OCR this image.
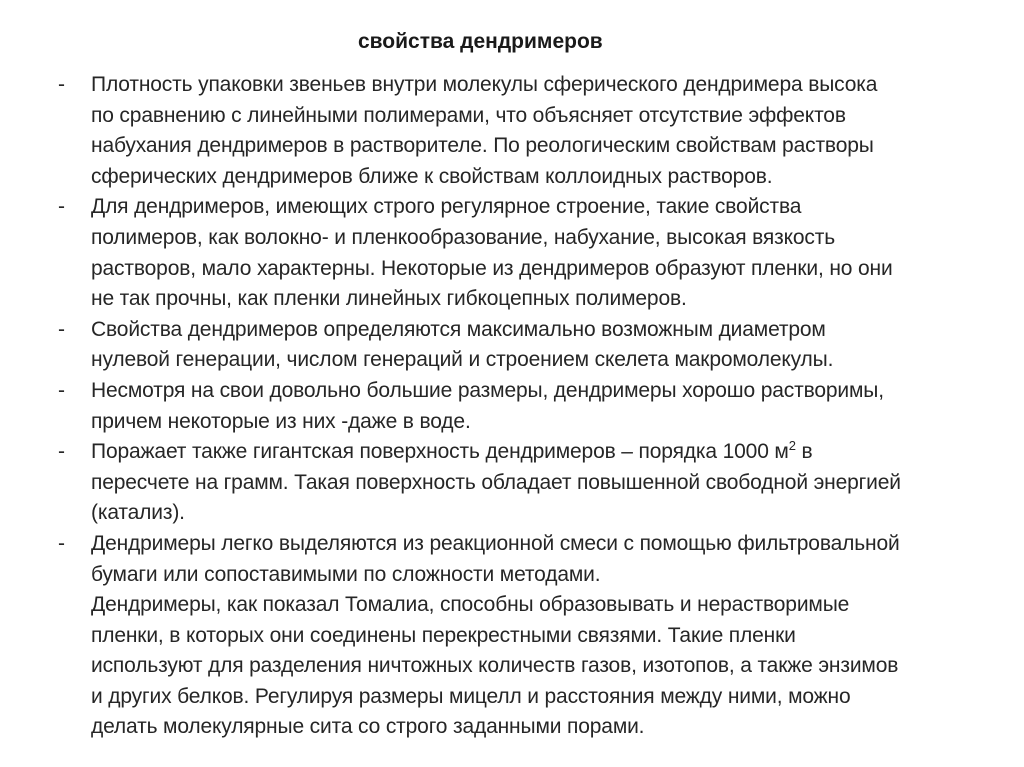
свойства дендримеров
- Плотность упаковки звеньев внутри молекулы сферического дендримера высока
по сравнению с линейными полимерами, что объясняет отсутствие эффектов
набухания дендримеров в растворителе. По реологическим свойствам растворы
сферических дендримеров ближе к свойствам коллоидных растворов.
- Для дендримеров, имеющих строго регулярное строение, такие свойства
полимеров, как волокно- и пленкообразование, набухание, высокая вязкость
растворов, мало характерны. Некоторые из дендримеров образуют пленки, но они
не так прочны, как пленки линейных гибкоцепных полимеров.
- Свойства дендримеров определяются максимально возможным диаметром
нулевой генерации, числом генераций и строением скелета макромолекулы.
- Несмотря на свои довольно большие размеры, дендримеры хорошо растворимы,
причем некоторые из них -даже в воде.
- Поражает также гигантская поверхность дендримеров – порядка 1000 $м^2$ в
пересчете на грамм. Такая поверхность обладает повышенной свободной энергией
(катализ).
- Дендримеры легко выделяются из реакционной смеси с помощью фильтровальной
бумаги или сопоставимыми по сложности методами.
Дендримеры, как показал Томалиа, способны образовывать и нерастворимые
пленки, в которых они соединены перекрестными связями. Такие пленки
используют для разделения ничтожных количеств газов, изотопов, а также энзимов
и других белков. Регулируя размеры мицелл и расстояния между ними, можно
делать молекулярные сита со строго заданными порами.
